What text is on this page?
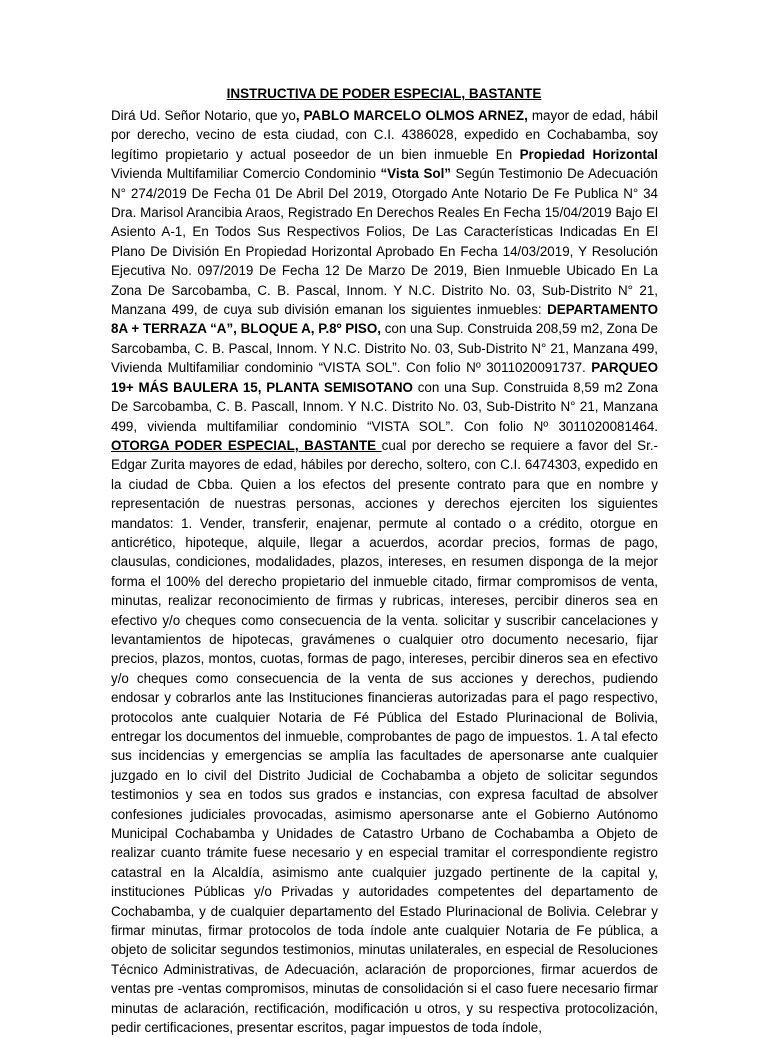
INSTRUCTIVA DE PODER ESPECIAL, BASTANTE

Dirá Ud. Señor Notario, que yo, PABLO MARCELO OLMOS ARNEZ, mayor de edad, hábil por derecho, vecino de esta ciudad, con C.I. 4386028, expedido en Cochabamba, soy legítimo propietario y actual poseedor de un bien inmueble En Propiedad Horizontal Vivienda Multifamiliar Comercio Condominio “Vista Sol” Según Testimonio De Adecuación N° 274/2019 De Fecha 01 De Abril Del 2019, Otorgado Ante Notario De Fe Publica N° 34 Dra. Marisol Arancibia Araos, Registrado En Derechos Reales En Fecha 15/04/2019 Bajo El Asiento A-1, En Todos Sus Respectivos Folios, De Las Características Indicadas En El Plano De División En Propiedad Horizontal Aprobado En Fecha 14/03/2019, Y Resolución Ejecutiva No. 097/2019 De Fecha 12 De Marzo De 2019, Bien Inmueble Ubicado En La Zona De Sarcobamba, C. B. Pascal, Innom. Y N.C. Distrito No. 03, Sub-Distrito N° 21, Manzana 499, de cuya sub división emanan los siguientes inmuebles: DEPARTAMENTO 8A + TERRAZA “A”, BLOQUE A, P.8º PISO, con una Sup. Construida 208,59 m2, Zona De Sarcobamba, C. B. Pascal, Innom. Y N.C. Distrito No. 03, Sub-Distrito N° 21, Manzana 499, Vivienda Multifamiliar condominio “VISTA SOL”. Con folio Nº 3011020091737. PARQUEO 19+ MÁS BAULERA 15, PLANTA SEMISOTANO con una Sup. Construida 8,59 m2 Zona De Sarcobamba, C. B. Pascall, Innom. Y N.C. Distrito No. 03, Sub-Distrito N° 21, Manzana 499, vivienda multifamiliar condominio “VISTA SOL”. Con folio Nº 3011020081464. OTORGA PODER ESPECIAL, BASTANTE cual por derecho se requiere a favor del Sr.- Edgar Zurita mayores de edad, hábiles por derecho, soltero, con C.I. 6474303, expedido en la ciudad de Cbba. Quien a los efectos del presente contrato para que en nombre y representación de nuestras personas, acciones y derechos ejerciten los siguientes mandatos: 1. Vender, transferir, enajenar, permute al contado o a crédito, otorgue en anticrético, hipoteque, alquile, llegar a acuerdos, acordar precios, formas de pago, clausulas, condiciones, modalidades, plazos, intereses, en resumen disponga de la mejor forma el 100% del derecho propietario del inmueble citado, firmar compromisos de venta, minutas, realizar reconocimiento de firmas y rubricas, intereses, percibir dineros sea en efectivo y/o cheques como consecuencia de la venta. solicitar y suscribir cancelaciones y levantamientos de hipotecas, gravámenes o cualquier otro documento necesario, fijar precios, plazos, montos, cuotas, formas de pago, intereses, percibir dineros sea en efectivo y/o cheques como consecuencia de la venta de sus acciones y derechos, pudiendo endosar y cobrarlos ante las Instituciones financieras autorizadas para el pago respectivo, protocolos ante cualquier Notaria de Fé Pública del Estado Plurinacional de Bolivia, entregar los documentos del inmueble, comprobantes de pago de impuestos. 1. A tal efecto sus incidencias y emergencias se amplía las facultades de apersonarse ante cualquier juzgado en lo civil del Distrito Judicial de Cochabamba a objeto de solicitar segundos testimonios y sea en todos sus grados e instancias, con expresa facultad de absolver confesiones judiciales provocadas, asimismo apersonarse ante el Gobierno Autónomo Municipal Cochabamba y Unidades de Catastro Urbano de Cochabamba a Objeto de realizar cuanto trámite fuese necesario y en especial tramitar el correspondiente registro catastral en la Alcaldía, asimismo ante cualquier juzgado pertinente de la capital y, instituciones Públicas y/o Privadas y autoridades competentes del departamento de Cochabamba, y de cualquier departamento del Estado Plurinacional de Bolivia. Celebrar y firmar minutas, firmar protocolos de toda índole ante cualquier Notaria de Fe pública, a objeto de solicitar segundos testimonios, minutas unilaterales, en especial de Resoluciones Técnico Administrativas, de Adecuación, aclaración de proporciones, firmar acuerdos de ventas pre -ventas compromisos, minutas de consolidación si el caso fuere necesario firmar minutas de aclaración, rectificación, modificación u otros, y su respectiva protocolización, pedir certificaciones, presentar escritos, pagar impuestos de toda índole,
